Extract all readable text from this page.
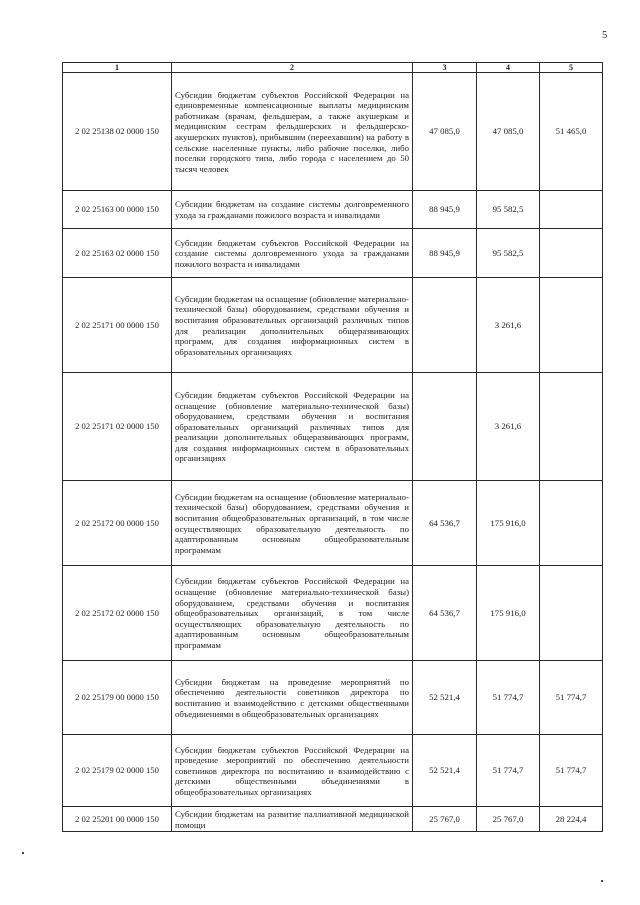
5
1	2	3	4	5
2 02 25138 02 0000 150	Субсидии бюджетам субъектов Российской Федерации на единовременные компенсационные выплаты медицинским работникам (врачам, фельдшерам, а также акушеркам и медицинским сестрам фельдшерских и фельдшерско-акушерских пунктов), прибывшим (переехавшим) на работу в сельские населенные пункты, либо рабочие поселки, либо поселки городского типа, либо города с населением до 50 тысяч человек	47 085,0	47 085,0	51 465,0
2 02 25163 00 0000 150	Субсидии бюджетам на создание системы долговременного ухода за гражданами пожилого возраста и инвалидами	88 945,9	95 582,5	
2 02 25163 02 0000 150	Субсидии бюджетам субъектов Российской Федерации на создание системы долговременного ухода за гражданами пожилого возраста и инвалидами	88 945,9	95 582,5	
2 02 25171 00 0000 150	Субсидии бюджетам на оснащение (обновление материально-технической базы) оборудованием, средствами обучения и воспитания образовательных организаций различных типов для реализации дополнительных общеразвивающих программ, для создания информационных систем в образовательных организациях		3 261,6	
2 02 25171 02 0000 150	Субсидии бюджетам субъектов Российской Федерации на оснащение (обновление материально-технической базы) оборудованием, средствами обучения и воспитания образовательных организаций различных типов для реализации дополнительных общеразвивающих программ, для создания информационных систем в образовательных организациях		3 261,6	
2 02 25172 00 0000 150	Субсидии бюджетам на оснащение (обновление материально-технической базы) оборудованием, средствами обучения и воспитания общеобразовательных организаций, в том числе осуществляющих образовательную деятельность по адаптированным основным общеобразовательным программам	64 536,7	175 916,0	
2 02 25172 02 0000 150	Субсидии бюджетам субъектов Российской Федерации на оснащение (обновление материально-технической базы) оборудованием, средствами обучения и воспитания общеобразовательных организаций, в том числе осуществляющих образовательную деятельность по адаптированным основным общеобразовательным программам	64 536,7	175 916,0	
2 02 25179 00 0000 150	Субсидии бюджетам на проведение мероприятий по обеспечению деятельности советников директора по воспитанию и взаимодействию с детскими общественными объединениями в общеобразовательных организациях	52 521,4	51 774,7	51 774,7
2 02 25179 02 0000 150	Субсидии бюджетам субъектов Российской Федерации на проведение мероприятий по обеспечению деятельности советников директора по воспитанию и взаимодействию с детскими общественными объединениями в общеобразовательных организациях	52 521,4	51 774,7	51 774,7
2 02 25201 00 0000 150	Субсидии бюджетам на развитие паллиативной медицинской помощи	25 767,0	25 767,0	28 224,4
